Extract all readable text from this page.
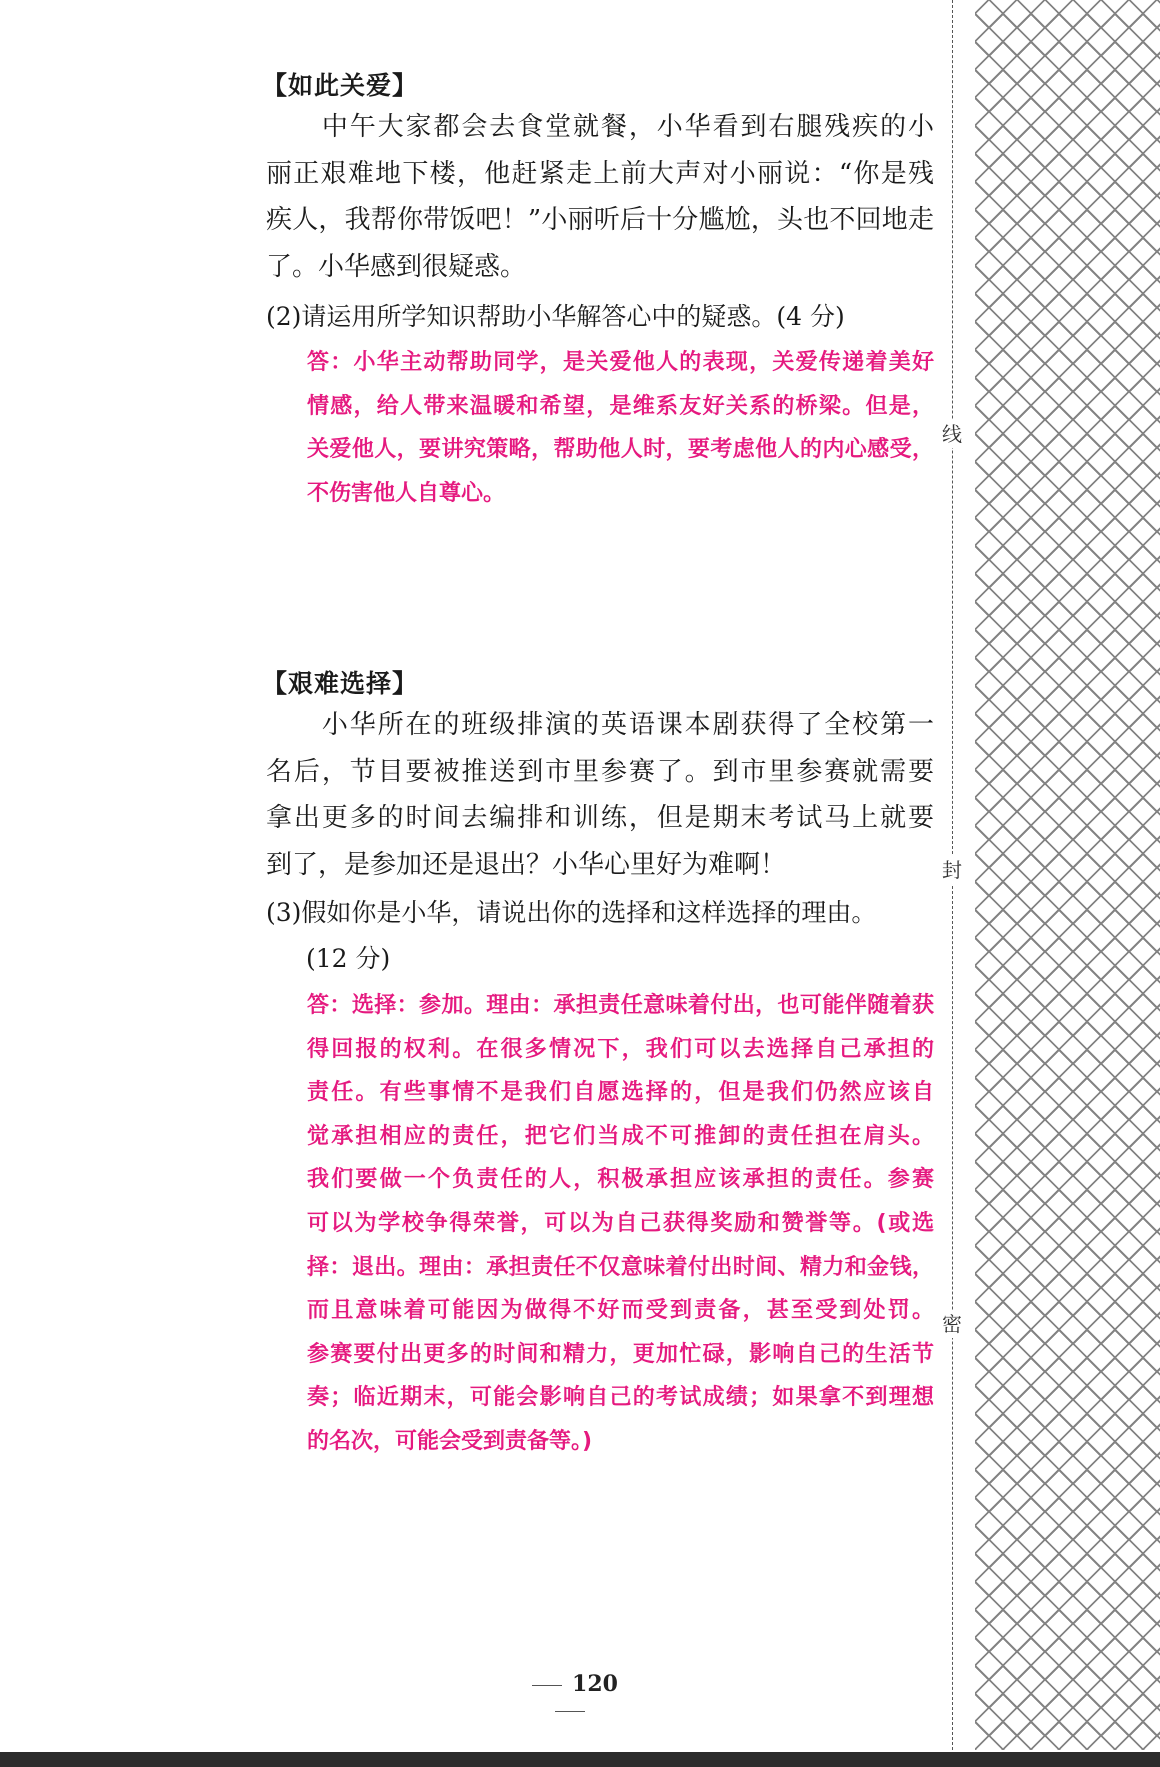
【如此关爱】
　　中午大家都会去食堂就餐，小华看到右腿残疾的小
丽正艰难地下楼，他赶紧走上前大声对小丽说：“你是残
疾人，我帮你带饭吧！”小丽听后十分尴尬，头也不回地走
了。小华感到很疑惑。
(2)请运用所学知识帮助小华解答心中的疑惑。(4 分)
答：小华主动帮助同学，是关爱他人的表现，关爱传递着美好
情感，给人带来温暖和希望，是维系友好关系的桥梁。但是，
关爱他人，要讲究策略，帮助他人时，要考虑他人的内心感受，
不伤害他人自尊心。
【艰难选择】
　　小华所在的班级排演的英语课本剧获得了全校第一
名后，节目要被推送到市里参赛了。到市里参赛就需要
拿出更多的时间去编排和训练，但是期末考试马上就要
到了，是参加还是退出？小华心里好为难啊！
(3)假如你是小华，请说出你的选择和这样选择的理由。
(12 分)
答：选择：参加。理由：承担责任意味着付出，也可能伴随着获
得回报的权利。在很多情况下，我们可以去选择自己承担的
责任。有些事情不是我们自愿选择的，但是我们仍然应该自
觉承担相应的责任，把它们当成不可推卸的责任担在肩头。
我们要做一个负责任的人，积极承担应该承担的责任。参赛
可以为学校争得荣誉，可以为自己获得奖励和赞誉等。(或选
择：退出。理由：承担责任不仅意味着付出时间、精力和金钱，
而且意味着可能因为做得不好而受到责备，甚至受到处罚。
参赛要付出更多的时间和精力，更加忙碌，影响自己的生活节
奏；临近期末，可能会影响自己的考试成绩；如果拿不到理想
的名次，可能会受到责备等。)
120
线
封
密
